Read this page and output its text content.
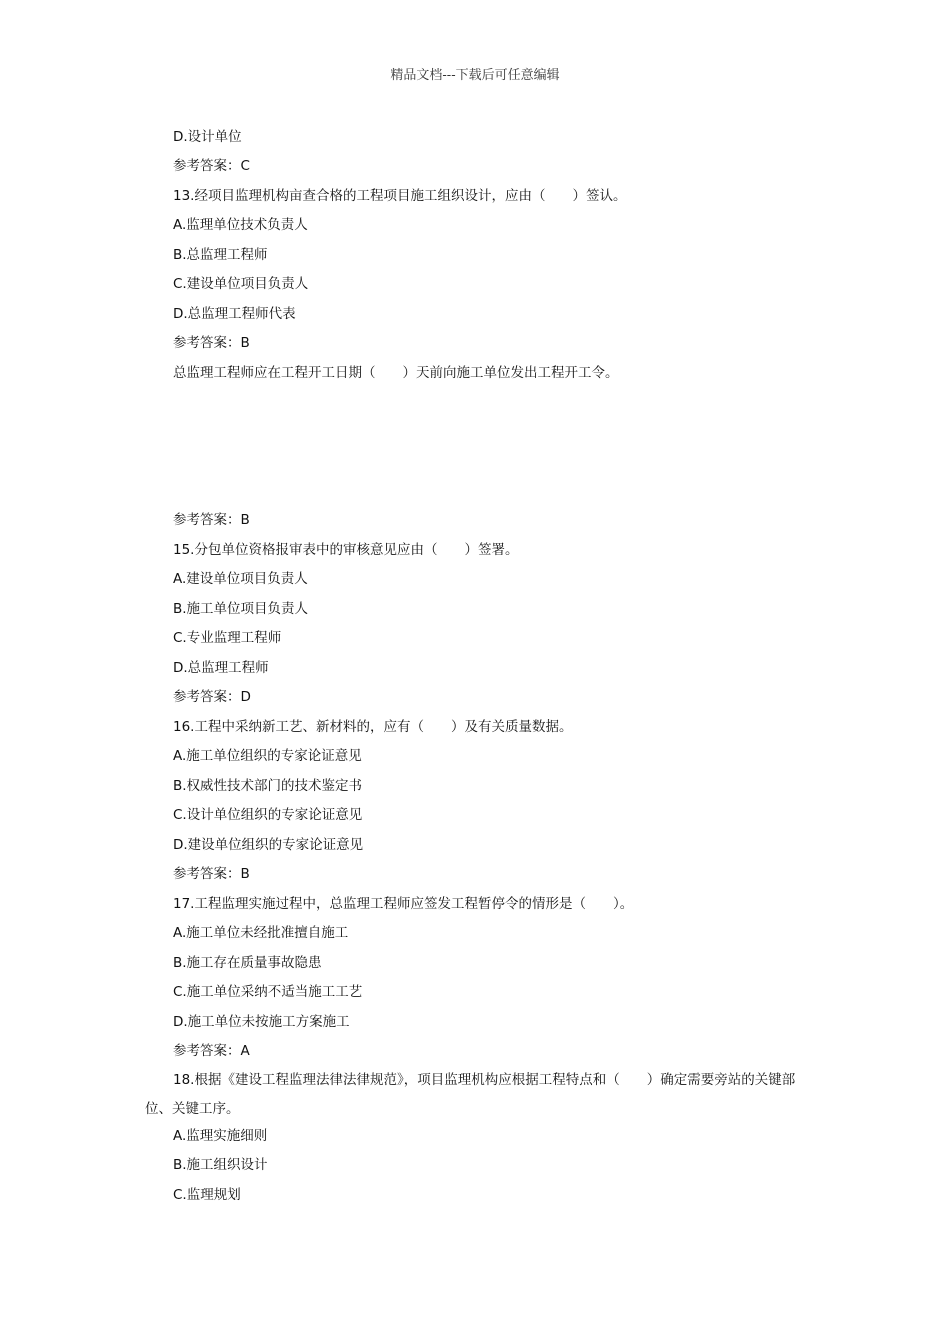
精品文档---下载后可任意编辑
D.设计单位
参考答案：C
13.经项目监理机构亩查合格的工程项目施工组织设计，应由（　　）签认。
A.监理单位技术负责人
B.总监理工程师
C.建设单位项目负责人
D.总监理工程师代表
参考答案：B
总监理工程师应在工程开工日期（　　）天前向施工单位发出工程开工令。
参考答案：B
15.分包单位资格报审表中的审核意见应由（　　）签署。
A.建设单位项目负责人
B.施工单位项目负责人
C.专业监理工程师
D.总监理工程师
参考答案：D
16.工程中采纳新工艺、新材料的，应有（　　）及有关质量数据。
A.施工单位组织的专家论证意见
B.权威性技术部门的技术鉴定书
C.设计单位组织的专家论证意见
D.建设单位组织的专家论证意见
参考答案：B
17.工程监理实施过程中，总监理工程师应签发工程暂停令的情形是（　　）。
A.施工单位未经批准擅自施工
B.施工存在质量事故隐患
C.施工单位采纳不适当施工工艺
D.施工单位未按施工方案施工
参考答案：A
18.根据《建设工程监理法律法律规范》，项目监理机构应根据工程特点和（　　）确定需要旁站的关键部位、关键工序。
A.监理实施细则
B.施工组织设计
C.监理规划
